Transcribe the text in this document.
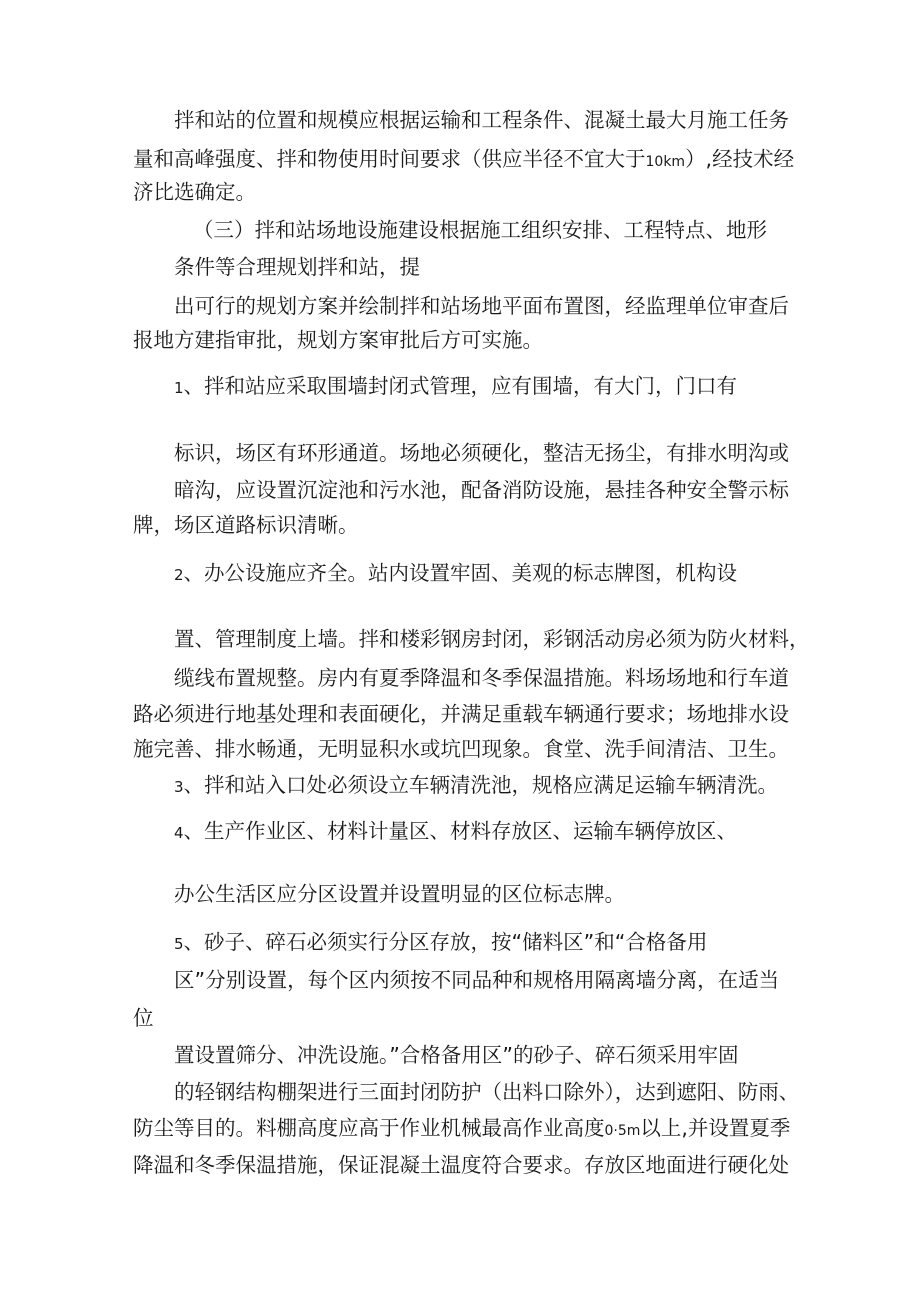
拌和站的位置和规模应根据运输和工程条件、混凝土最大月施工任务

量和高峰强度、拌和物使用时间要求（供应半径不宜大于10km）,经技术经

济比选确定。

（三）拌和站场地设施建设根据施工组织安排、工程特点、地形

条件等合理规划拌和站，提

出可行的规划方案并绘制拌和站场地平面布置图，经监理单位审查后

报地方建指审批，规划方案审批后方可实施。

1、拌和站应采取围墙封闭式管理，应有围墙，有大门，门口有

标识，场区有环形通道。场地必须硬化，整洁无扬尘，有排水明沟或

暗沟，应设置沉淀池和污水池，配备消防设施，悬挂各种安全警示标

牌，场区道路标识清晰。

2、办公设施应齐全。站内设置牢固、美观的标志牌图，机构设

置、管理制度上墙。拌和楼彩钢房封闭，彩钢活动房必须为防火材料，

缆线布置规整。房内有夏季降温和冬季保温措施。料场场地和行车道

路必须进行地基处理和表面硬化，并满足重载车辆通行要求；场地排水设

施完善、排水畅通，无明显积水或坑凹现象。食堂、洗手间清洁、卫生。

3、拌和站入口处必须设立车辆清洗池，规格应满足运输车辆清洗。

4、生产作业区、材料计量区、材料存放区、运输车辆停放区、

办公生活区应分区设置并设置明显的区位标志牌。

5、砂子、碎石必须实行分区存放，按“储料区”和“合格备用

区”分别设置，每个区内须按不同品种和规格用隔离墙分离，在适当

位

置设置筛分、冲洗设施。”合格备用区”的砂子、碎石须采用牢固

的轻钢结构棚架进行三面封闭防护（出料口除外），达到遮阳、防雨、

防尘等目的。料棚高度应高于作业机械最高作业高度0·5m以上,并设置夏季

降温和冬季保温措施，保证混凝土温度符合要求。存放区地面进行硬化处
